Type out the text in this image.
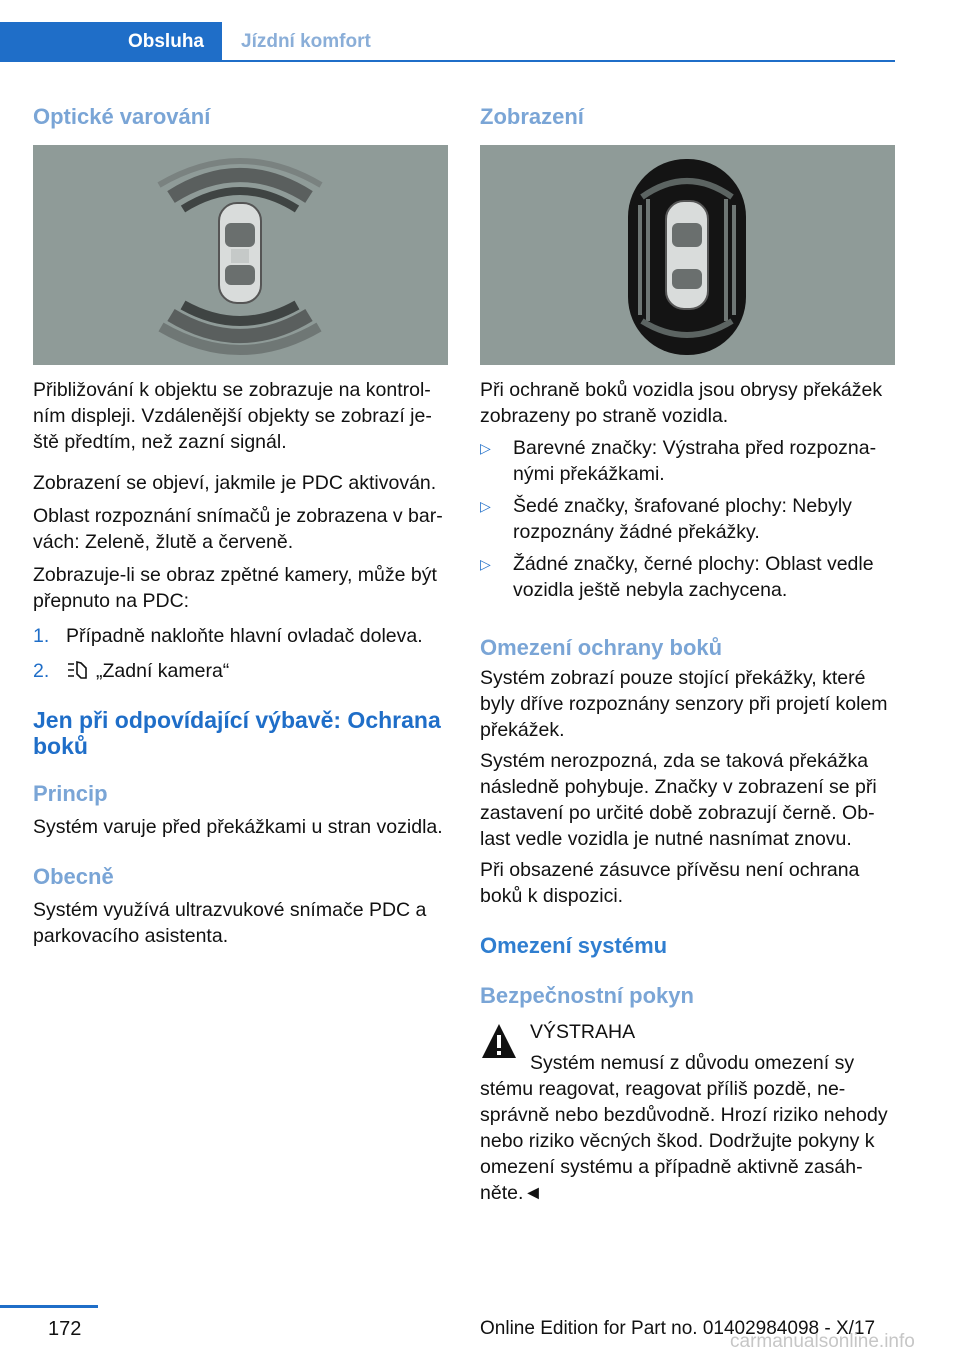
Obsluha	Jízdní komfort
Optické varování
Přibližování k objektu se zobrazuje na kontrolním displeji. Vzdálenější objekty se zobrazí ještě předtím, než zazní signál.
Zobrazení se objeví, jakmile je PDC aktivován.
Oblast rozpoznání snímačů je zobrazena v barvách: Zeleně, žlutě a červeně.
Zobrazuje-li se obraz zpětné kamery, může být přepnuto na PDC:
1. Případně nakloňte hlavní ovladač doleva.
2.	„Zadní kamera“
Jen při odpovídající výbavě: Ochrana boků
Princip
Systém varuje před překážkami u stran vozidla.
Obecně
Systém využívá ultrazvukové snímače PDC a parkovacího asistenta.
Zobrazení
Při ochraně boků vozidla jsou obrysy překážek zobrazeny po straně vozidla.
▷	Barevné značky: Výstraha před rozpoznanými překážkami.
▷	Šedé značky, šrafované plochy: Nebyly rozpoznány žádné překážky.
▷	Žádné značky, černé plochy: Oblast vedle vozidla ještě nebyla zachycena.
Omezení ochrany boků
Systém zobrazí pouze stojící překážky, které byly dříve rozpoznány senzory při projetí kolem překážek.
Systém nerozpozná, zda se taková překážka následně pohybuje. Značky v zobrazení se při zastavení po určité době zobrazují černě. Oblast vedle vozidla je nutné nasnímat znovu.
Při obsazené zásuvce přívěsu není ochrana boků k dispozici.
Omezení systému
Bezpečnostní pokyn
VÝSTRAHA
Systém nemusí z důvodu omezení sy
stému reagovat, reagovat příliš pozdě, nesprávně nebo bezdůvodně. Hrozí riziko nehody nebo riziko věcných škod. Dodržujte pokyny k omezení systému a případně aktivně zasáhněte.◄
172	Online Edition for Part no. 01402984098 - X/17
carmanualsonline.info
